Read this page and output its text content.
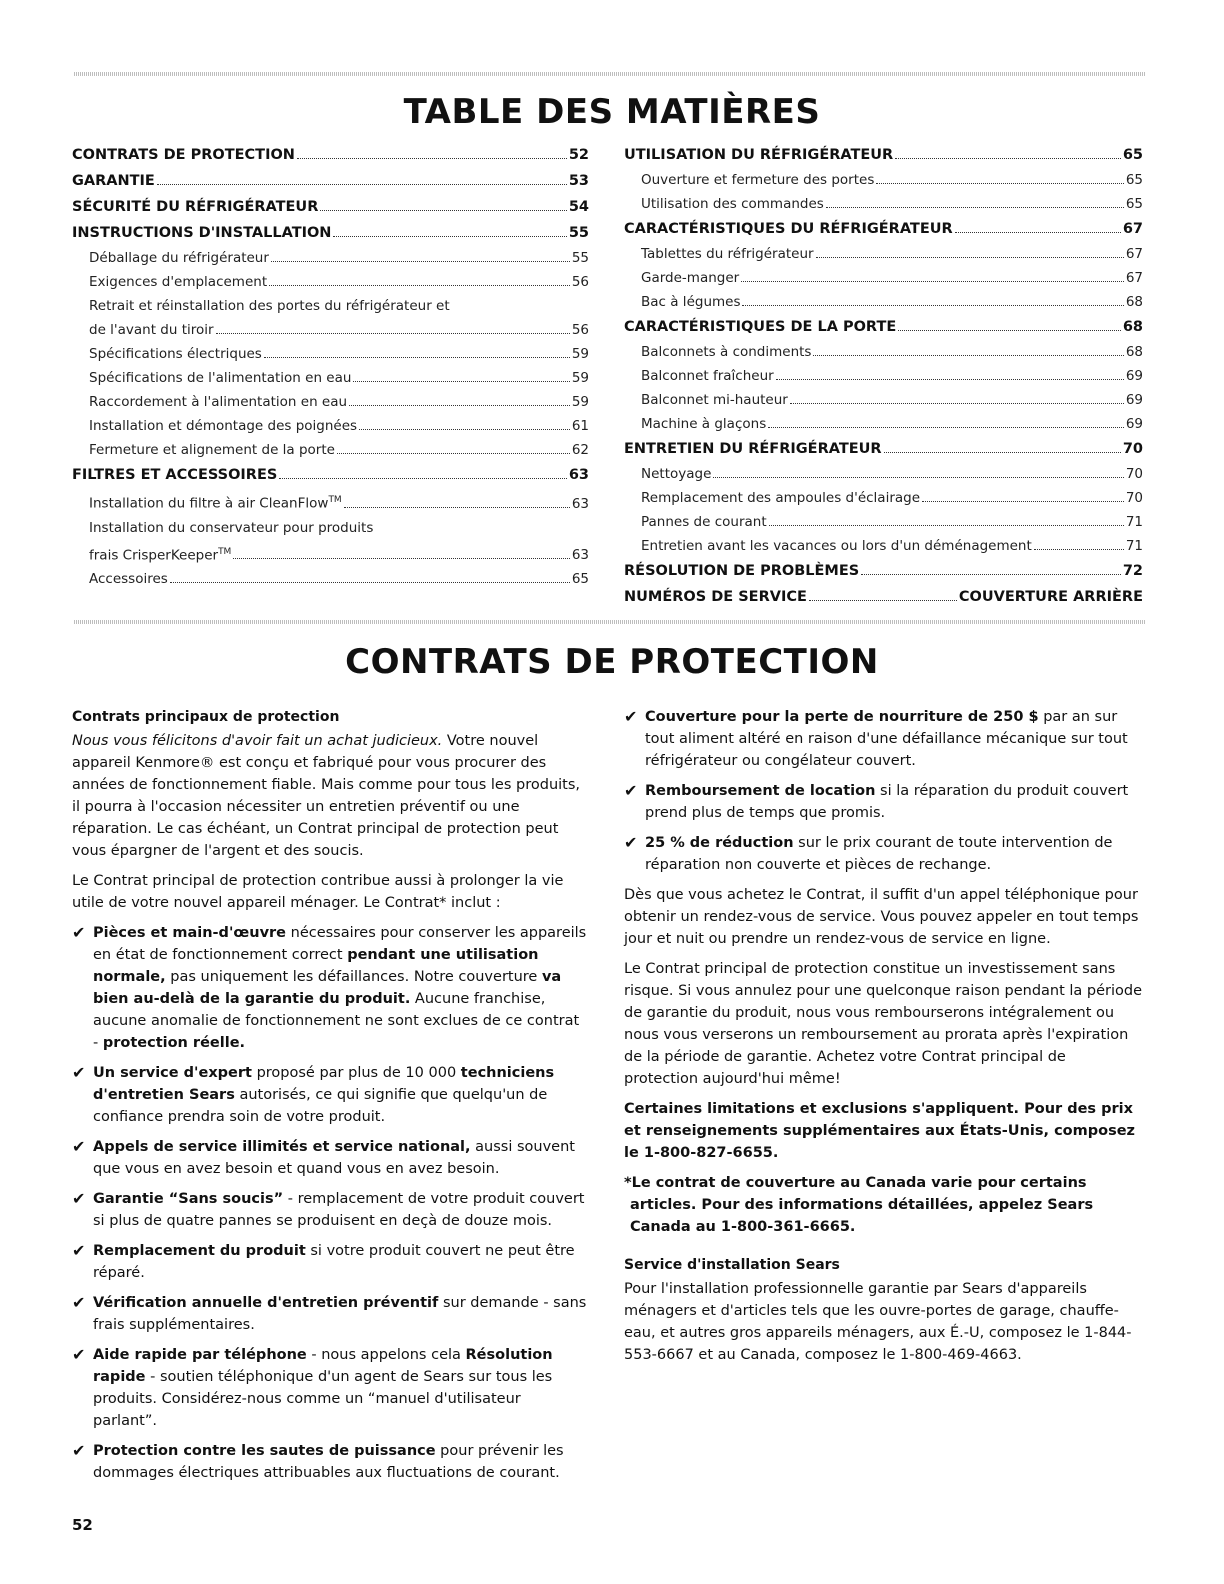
TABLE DES MATIÈRES
CONTRATS DE PROTECTION	52
GARANTIE	53
SÉCURITÉ DU RÉFRIGÉRATEUR	54
INSTRUCTIONS D'INSTALLATION	55
Déballage du réfrigérateur	55
Exigences d'emplacement	56
Retrait et réinstallation des portes du réfrigérateur et
de l'avant du tiroir	56
Spécifications électriques	59
Spécifications de l'alimentation en eau	59
Raccordement à l'alimentation en eau	59
Installation et démontage des poignées	61
Fermeture et alignement de la porte	62
FILTRES ET ACCESSOIRES	63
Installation du filtre à air CleanFlow™	63
Installation du conservateur pour produits
frais CrisperKeeper™	63
Accessoires	65
UTILISATION DU RÉFRIGÉRATEUR	65
Ouverture et fermeture des portes	65
Utilisation des commandes	65
CARACTÉRISTIQUES DU RÉFRIGÉRATEUR	67
Tablettes du réfrigérateur	67
Garde-manger	67
Bac à légumes	68
CARACTÉRISTIQUES DE LA PORTE	68
Balconnets à condiments	68
Balconnet fraîcheur	69
Balconnet mi-hauteur	69
Machine à glaçons	69
ENTRETIEN DU RÉFRIGÉRATEUR	70
Nettoyage	70
Remplacement des ampoules d'éclairage	70
Pannes de courant	71
Entretien avant les vacances ou lors d'un déménagement	71
RÉSOLUTION DE PROBLÈMES	72
NUMÉROS DE SERVICE	COUVERTURE ARRIÈRE
CONTRATS DE PROTECTION
Contrats principaux de protection

Nous vous félicitons d'avoir fait un achat judicieux. Votre nouvel appareil Kenmore® est conçu et fabriqué pour vous procurer des années de fonctionnement fiable. Mais comme pour tous les produits, il pourra à l'occasion nécessiter un entretien préventif ou une réparation. Le cas échéant, un Contrat principal de protection peut vous épargner de l'argent et des soucis.

Le Contrat principal de protection contribue aussi à prolonger la vie utile de votre nouvel appareil ménager. Le Contrat* inclut :

✔ Pièces et main-d'œuvre nécessaires pour conserver les appareils en état de fonctionnement correct pendant une utilisation normale, pas uniquement les défaillances. Notre couverture va bien au-delà de la garantie du produit. Aucune franchise, aucune anomalie de fonctionnement ne sont exclues de ce contrat - protection réelle.

✔ Un service d'expert proposé par plus de 10 000 techniciens d'entretien Sears autorisés, ce qui signifie que quelqu'un de confiance prendra soin de votre produit.

✔ Appels de service illimités et service national, aussi souvent que vous en avez besoin et quand vous en avez besoin.

✔ Garantie “Sans soucis” - remplacement de votre produit couvert si plus de quatre pannes se produisent en deçà de douze mois.

✔ Remplacement du produit si votre produit couvert ne peut être réparé.

✔ Vérification annuelle d'entretien préventif sur demande - sans frais supplémentaires.

✔ Aide rapide par téléphone - nous appelons cela Résolution rapide - soutien téléphonique d'un agent de Sears sur tous les produits. Considérez-nous comme un “manuel d'utilisateur parlant”.

✔ Protection contre les sautes de puissance pour prévenir les dommages électriques attribuables aux fluctuations de courant.

✔ Couverture pour la perte de nourriture de 250 $ par an sur tout aliment altéré en raison d'une défaillance mécanique sur tout réfrigérateur ou congélateur couvert.

✔ Remboursement de location si la réparation du produit couvert prend plus de temps que promis.

✔ 25 % de réduction sur le prix courant de toute intervention de réparation non couverte et pièces de rechange.

Dès que vous achetez le Contrat, il suffit d'un appel téléphonique pour obtenir un rendez-vous de service. Vous pouvez appeler en tout temps jour et nuit ou prendre un rendez-vous de service en ligne.

Le Contrat principal de protection constitue un investissement sans risque. Si vous annulez pour une quelconque raison pendant la période de garantie du produit, nous vous rembourserons intégralement ou nous vous verserons un remboursement au prorata après l'expiration de la période de garantie. Achetez votre Contrat principal de protection aujourd'hui même!

Certaines limitations et exclusions s'appliquent. Pour des prix et renseignements supplémentaires aux États-Unis, composez le 1-800-827-6655.

*Le contrat de couverture au Canada varie pour certains articles. Pour des informations détaillées, appelez Sears Canada au 1-800-361-6665.

Service d'installation Sears

Pour l'installation professionnelle garantie par Sears d'appareils ménagers et d'articles tels que les ouvre-portes de garage, chauffe-eau, et autres gros appareils ménagers, aux É.-U, composez le 1-844-553-6667 et au Canada, composez le 1-800-469-4663.

52
